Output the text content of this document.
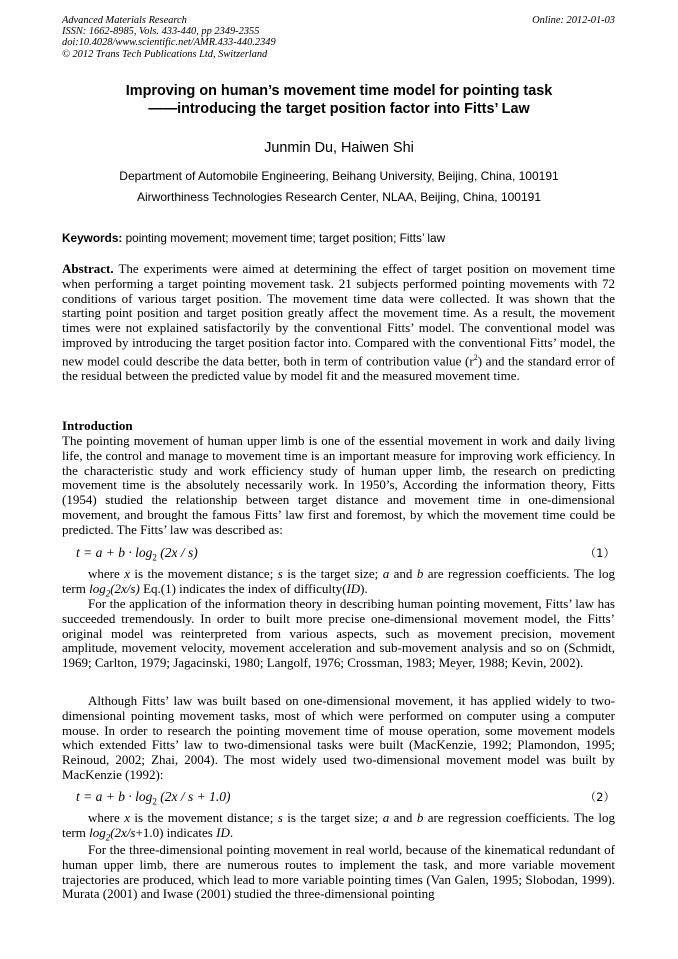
Advanced Materials Research
ISSN: 1662-8985, Vols. 433-440, pp 2349-2355
doi:10.4028/www.scientific.net/AMR.433-440.2349
© 2012 Trans Tech Publications Ltd, Switzerland
Online: 2012-01-03
Improving on human’s movement time model for pointing task
——introducing the target position factor into Fitts’ Law
Junmin Du, Haiwen Shi
Department of Automobile Engineering, Beihang University, Beijing, China, 100191
Airworthiness Technologies Research Center, NLAA, Beijing, China, 100191
Keywords: pointing movement; movement time; target position; Fitts’ law

Abstract. The experiments were aimed at determining the effect of target position on movement time when performing a target pointing movement task. 21 subjects performed pointing movements with 72 conditions of various target position. The movement time data were collected. It was shown that the starting point position and target position greatly affect the movement time. As a result, the movement times were not explained satisfactorily by the conventional Fitts’ model. The conventional model was improved by introducing the target position factor into. Compared with the conventional Fitts’ model, the new model could describe the data better, both in term of contribution value $(r^2)$ and the standard error of the residual between the predicted value by model fit and the measured movement time.

Introduction

The pointing movement of human upper limb is one of the essential movement in work and daily living life, the control and manage to movement time is an important measure for improving work efficiency. In the characteristic study and work efficiency study of human upper limb, the research on predicting movement time is the absolutely necessarily work. In 1950’s, According the information theory, Fitts (1954) studied the relationship between target distance and movement time in one-dimensional movement, and brought the famous Fitts’ law first and foremost, by which the movement time could be predicted. The Fitts’ law was described as:

$t = a + b \cdot \log_2 (2x / s)$	（1）

where x is the movement distance; s is the target size; a and b are regression coefficients. The log term $\log_2(2x/s)$ Eq.(1) indicates the index of difficulty(ID).

For the application of the information theory in describing human pointing movement, Fitts’ law has succeeded tremendously. In order to built more precise one-dimensional movement model, the Fitts’ original model was reinterpreted from various aspects, such as movement precision, movement amplitude, movement velocity, movement acceleration and sub-movement analysis and so on (Schmidt, 1969; Carlton, 1979; Jagacinski, 1980; Langolf, 1976; Crossman, 1983; Meyer, 1988; Kevin, 2002).

Although Fitts’ law was built based on one-dimensional movement, it has applied widely to two-dimensional pointing movement tasks, most of which were performed on computer using a computer mouse. In order to research the pointing movement time of mouse operation, some movement models which extended Fitts’ law to two-dimensional tasks were built (MacKenzie, 1992; Plamondon, 1995; Reinoud, 2002; Zhai, 2004). The most widely used two-dimensional movement model was built by MacKenzie (1992):

$t = a + b \cdot \log_2 (2x / s + 1.0)$	（2）

where x is the movement distance; s is the target size; a and b are regression coefficients. The log term $\log_2(2x/s+1.0)$ indicates ID.

For the three-dimensional pointing movement in real world, because of the kinematical redundant of human upper limb, there are numerous routes to implement the task, and more variable movement trajectories are produced, which lead to more variable pointing times (Van Galen, 1995; Slobodan, 1999). Murata (2001) and Iwase (2001) studied the three-dimensional pointing
